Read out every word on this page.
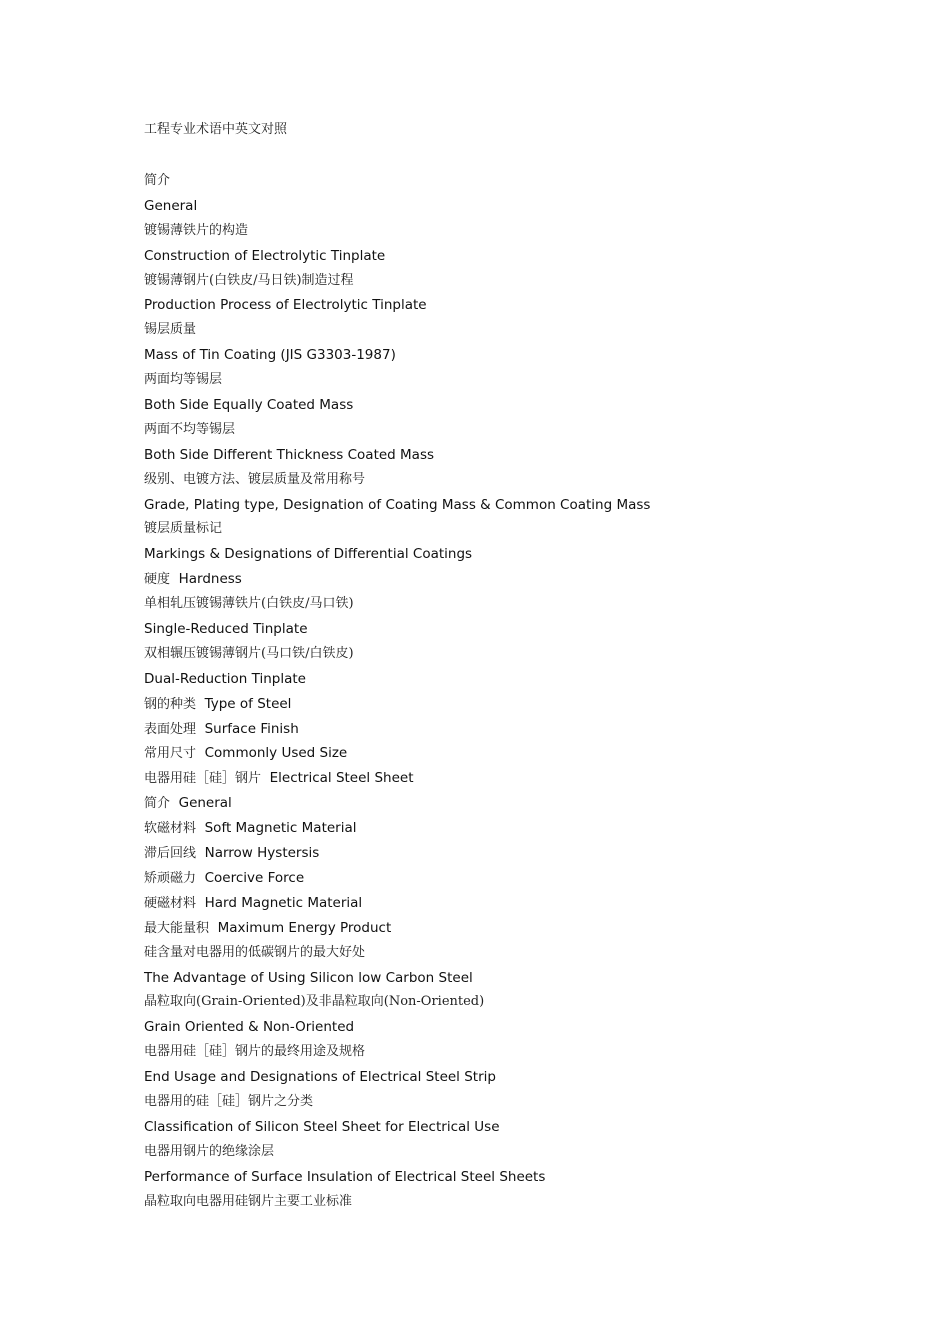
工程专业术语中英文对照
简介
General
镀锡薄铁片的构造
Construction of Electrolytic Tinplate
镀锡薄钢片(白铁皮/马日铁)制造过程
Production Process of Electrolytic Tinplate
锡层质量
Mass of Tin Coating (JIS G3303-1987)
两面均等锡层
Both Side Equally Coated Mass
两面不均等锡层
Both Side Different Thickness Coated Mass
级别、电镀方法、镀层质量及常用称号
Grade, Plating type, Designation of Coating Mass & Common Coating Mass
镀层质量标记
Markings & Designations of Differential Coatings
硬度 Hardness
单相轧压镀锡薄铁片(白铁皮/马口铁)
Single-Reduced Tinplate
双相辗压镀锡薄钢片(马口铁/白铁皮)
Dual-Reduction Tinplate
钢的种类 Type of Steel
表面处理 Surface Finish
常用尺寸 Commonly Used Size
电器用硅［硅］钢片 Electrical Steel Sheet
简介 General
软磁材料 Soft Magnetic Material
滞后回线 Narrow Hystersis
矫顽磁力 Coercive Force
硬磁材料 Hard Magnetic Material
最大能量积 Maximum Energy Product
硅含量对电器用的低碳钢片的最大好处
The Advantage of Using Silicon low Carbon Steel
晶粒取向(Grain-Oriented)及非晶粒取向(Non-Oriented)
Grain Oriented & Non-Oriented
电器用硅［硅］钢片的最终用途及规格
End Usage and Designations of Electrical Steel Strip
电器用的硅［硅］钢片之分类
Classification of Silicon Steel Sheet for Electrical Use
电器用钢片的绝缘涂层
Performance of Surface Insulation of Electrical Steel Sheets
晶粒取向电器用硅钢片主要工业标准
